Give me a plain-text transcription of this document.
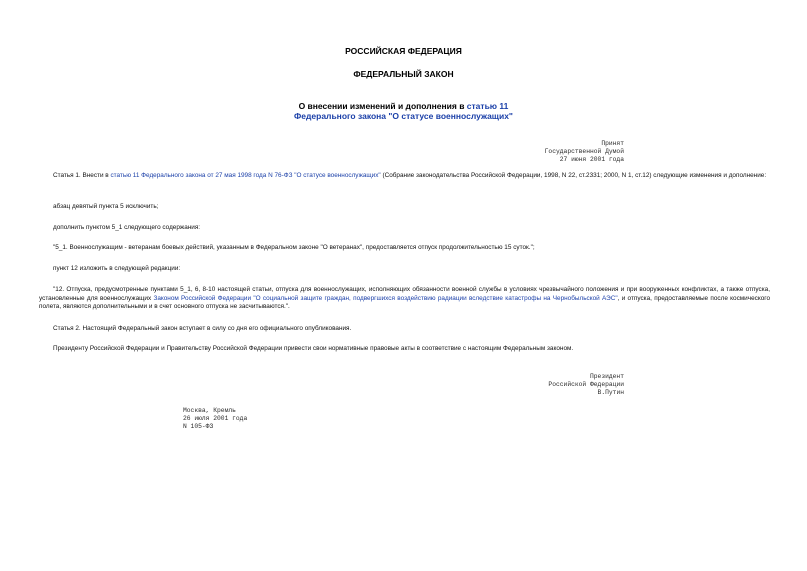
РОССИЙСКАЯ ФЕДЕРАЦИЯ
ФЕДЕРАЛЬНЫЙ ЗАКОН
О внесении изменений и дополнения в статью 11
Федерального закона "О статусе военнослужащих"
Принят
Государственной Думой
27 июня 2001 года
Статья 1. Внести в статью 11 Федерального закона от 27 мая 1998 года N 76-ФЗ "О статусе военнослужащих" (Собрание законодательства Российской Федерации, 1998, N 22, ст.2331; 2000, N 1, ст.12) следующие изменения и дополнение:
абзац девятый пункта 5 исключить;
дополнить пунктом 5_1 следующего содержания:
"5_1. Военнослужащим - ветеранам боевых действий, указанным в Федеральном законе "О ветеранах", предоставляется отпуск продолжительностью 15 суток.";
пункт 12 изложить в следующей редакции:
"12. Отпуска, предусмотренные пунктами 5_1, 6, 8-10 настоящей статьи, отпуска для военнослужащих, исполняющих обязанности военной службы в условиях чрезвычайного положения и при вооруженных конфликтах, а также отпуска, установленные для военнослужащих Законом Российской Федерации "О социальной защите граждан, подвергшихся воздействию радиации вследствие катастрофы на Чернобыльской АЭС", и отпуска, предоставляемые после космического полета, являются дополнительными и в счет основного отпуска не засчитываются.".
Статья 2. Настоящий Федеральный закон вступает в силу со дня его официального опубликования.
Президенту Российской Федерации и Правительству Российской Федерации привести свои нормативные правовые акты в соответствие с настоящим Федеральным законом.
Президент
Российской Федерации
В.Путин
Москва, Кремль
26 июля 2001 года
N 105-ФЗ
